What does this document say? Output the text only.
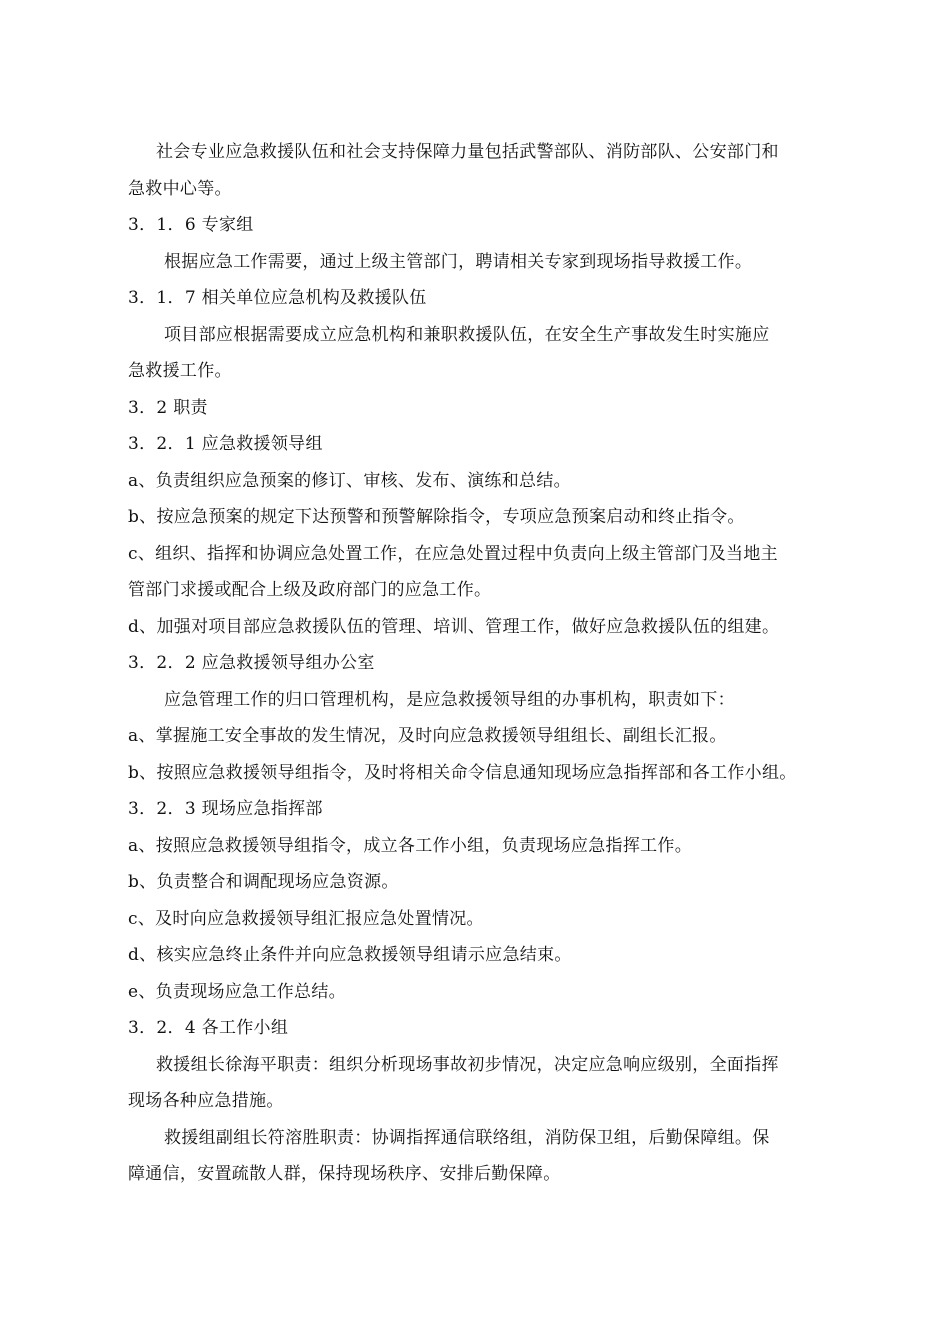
社会专业应急救援队伍和社会支持保障力量包括武警部队、消防部队、公安部门和
急救中心等。
3．1．6 专家组
根据应急工作需要，通过上级主管部门，聘请相关专家到现场指导救援工作。
3．1．7 相关单位应急机构及救援队伍
项目部应根据需要成立应急机构和兼职救援队伍，在安全生产事故发生时实施应
急救援工作。
3．2 职责
3．2．1 应急救援领导组
a、负责组织应急预案的修订、审核、发布、演练和总结。
b、按应急预案的规定下达预警和预警解除指令，专项应急预案启动和终止指令。
c、组织、指挥和协调应急处置工作，在应急处置过程中负责向上级主管部门及当地主
管部门求援或配合上级及政府部门的应急工作。
d、加强对项目部应急救援队伍的管理、培训、管理工作，做好应急救援队伍的组建。
3．2．2 应急救援领导组办公室
应急管理工作的归口管理机构，是应急救援领导组的办事机构，职责如下：
a、掌握施工安全事故的发生情况，及时向应急救援领导组组长、副组长汇报。
b、按照应急救援领导组指令，及时将相关命令信息通知现场应急指挥部和各工作小组。
3．2．3 现场应急指挥部
a、按照应急救援领导组指令，成立各工作小组，负责现场应急指挥工作。
b、负责整合和调配现场应急资源。
c、及时向应急救援领导组汇报应急处置情况。
d、核实应急终止条件并向应急救援领导组请示应急结束。
e、负责现场应急工作总结。
3．2．4 各工作小组
救援组长徐海平职责：组织分析现场事故初步情况，决定应急响应级别，全面指挥
现场各种应急措施。
救援组副组长符溶胜职责：协调指挥通信联络组，消防保卫组，后勤保障组。保
障通信，安置疏散人群，保持现场秩序、安排后勤保障。
